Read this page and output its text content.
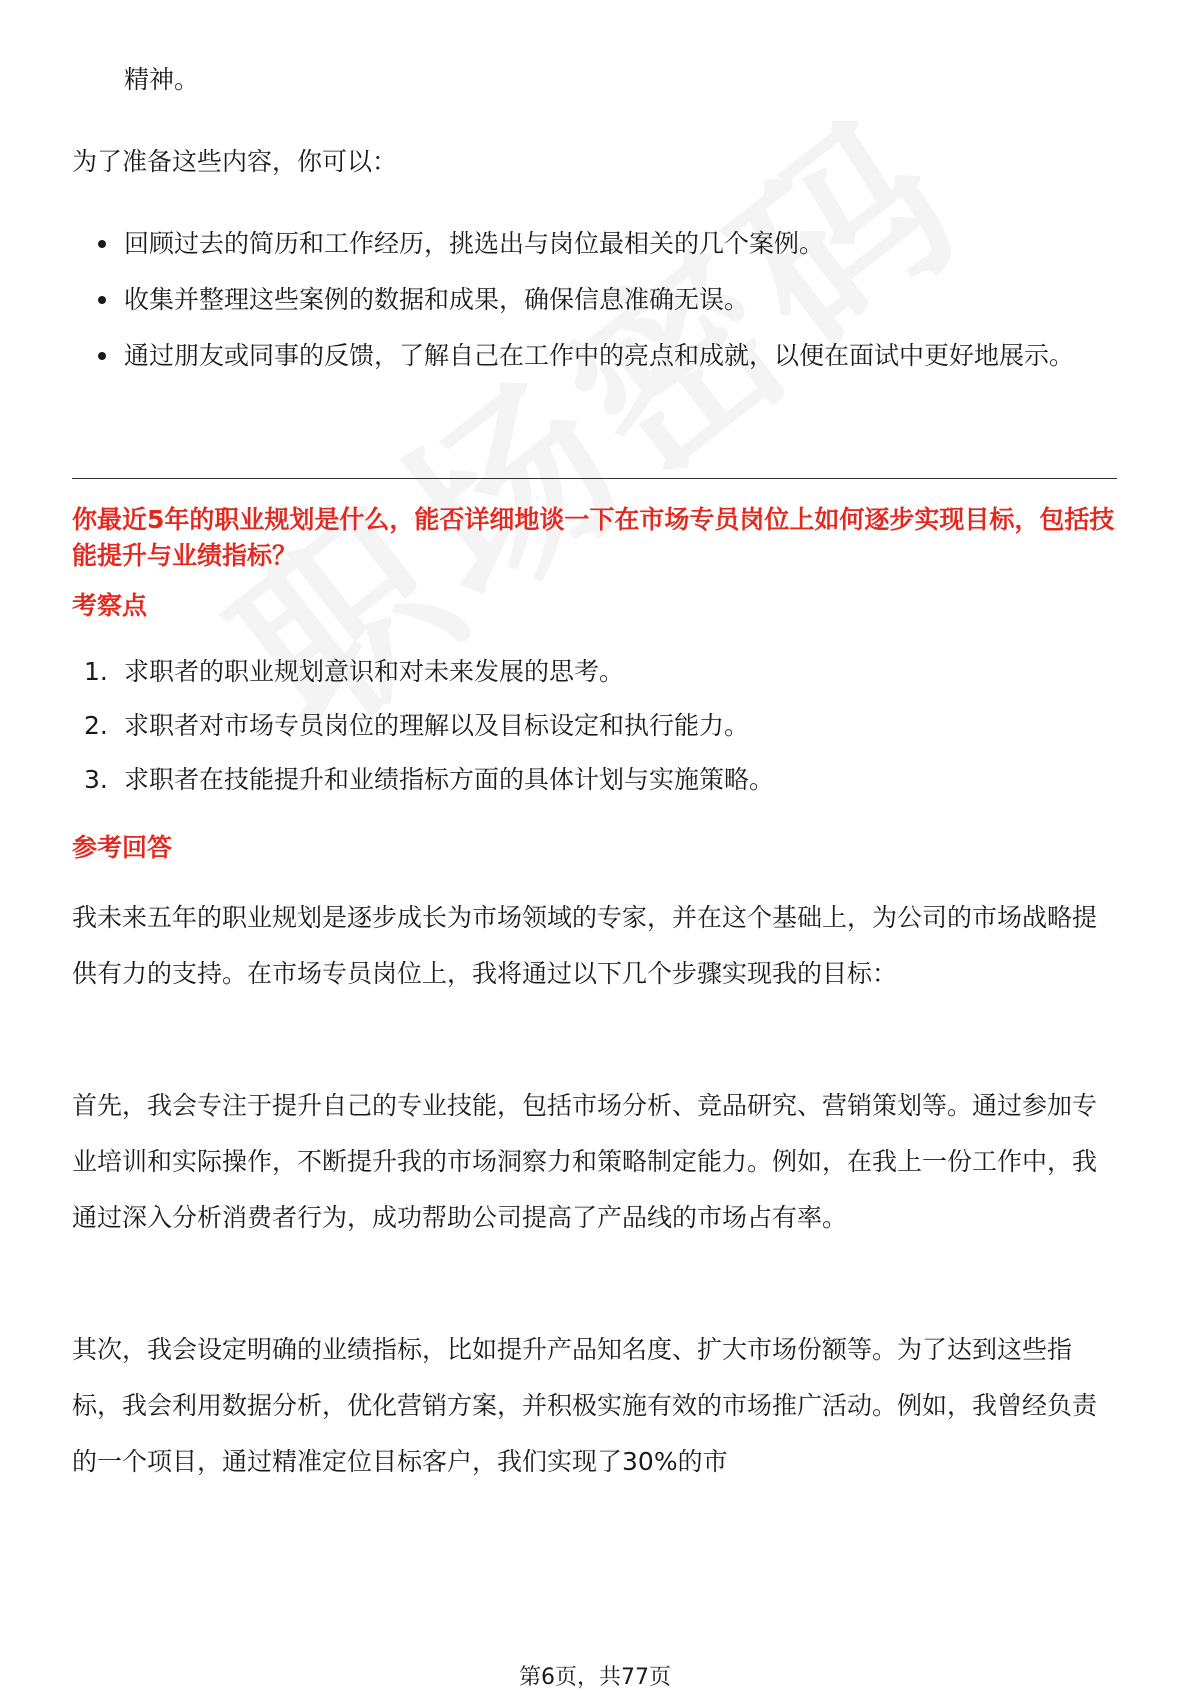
精神。

为了准备这些内容，你可以：

回顾过去的简历和工作经历，挑选出与岗位最相关的几个案例。

收集并整理这些案例的数据和成果，确保信息准确无误。

通过朋友或同事的反馈，了解自己在工作中的亮点和成就，以便在面试中更好地展示。

你最近5年的职业规划是什么，能否详细地谈一下在市场专员岗位上如何逐步实现目标，包括技能提升与业绩指标？

考察点

1. 求职者的职业规划意识和对未来发展的思考。

2. 求职者对市场专员岗位的理解以及目标设定和执行能力。

3. 求职者在技能提升和业绩指标方面的具体计划与实施策略。

参考回答

我未来五年的职业规划是逐步成长为市场领域的专家，并在这个基础上，为公司的市场战略提供有力的支持。在市场专员岗位上，我将通过以下几个步骤实现我的目标：

首先，我会专注于提升自己的专业技能，包括市场分析、竞品研究、营销策划等。通过参加专业培训和实际操作，不断提升我的市场洞察力和策略制定能力。例如，在我上一份工作中，我通过深入分析消费者行为，成功帮助公司提高了产品线的市场占有率。

其次，我会设定明确的业绩指标，比如提升产品知名度、扩大市场份额等。为了达到这些指标，我会利用数据分析，优化营销方案，并积极实施有效的市场推广活动。例如，我曾经负责的一个项目，通过精准定位目标客户，我们实现了30%的市

第6页，共77页
